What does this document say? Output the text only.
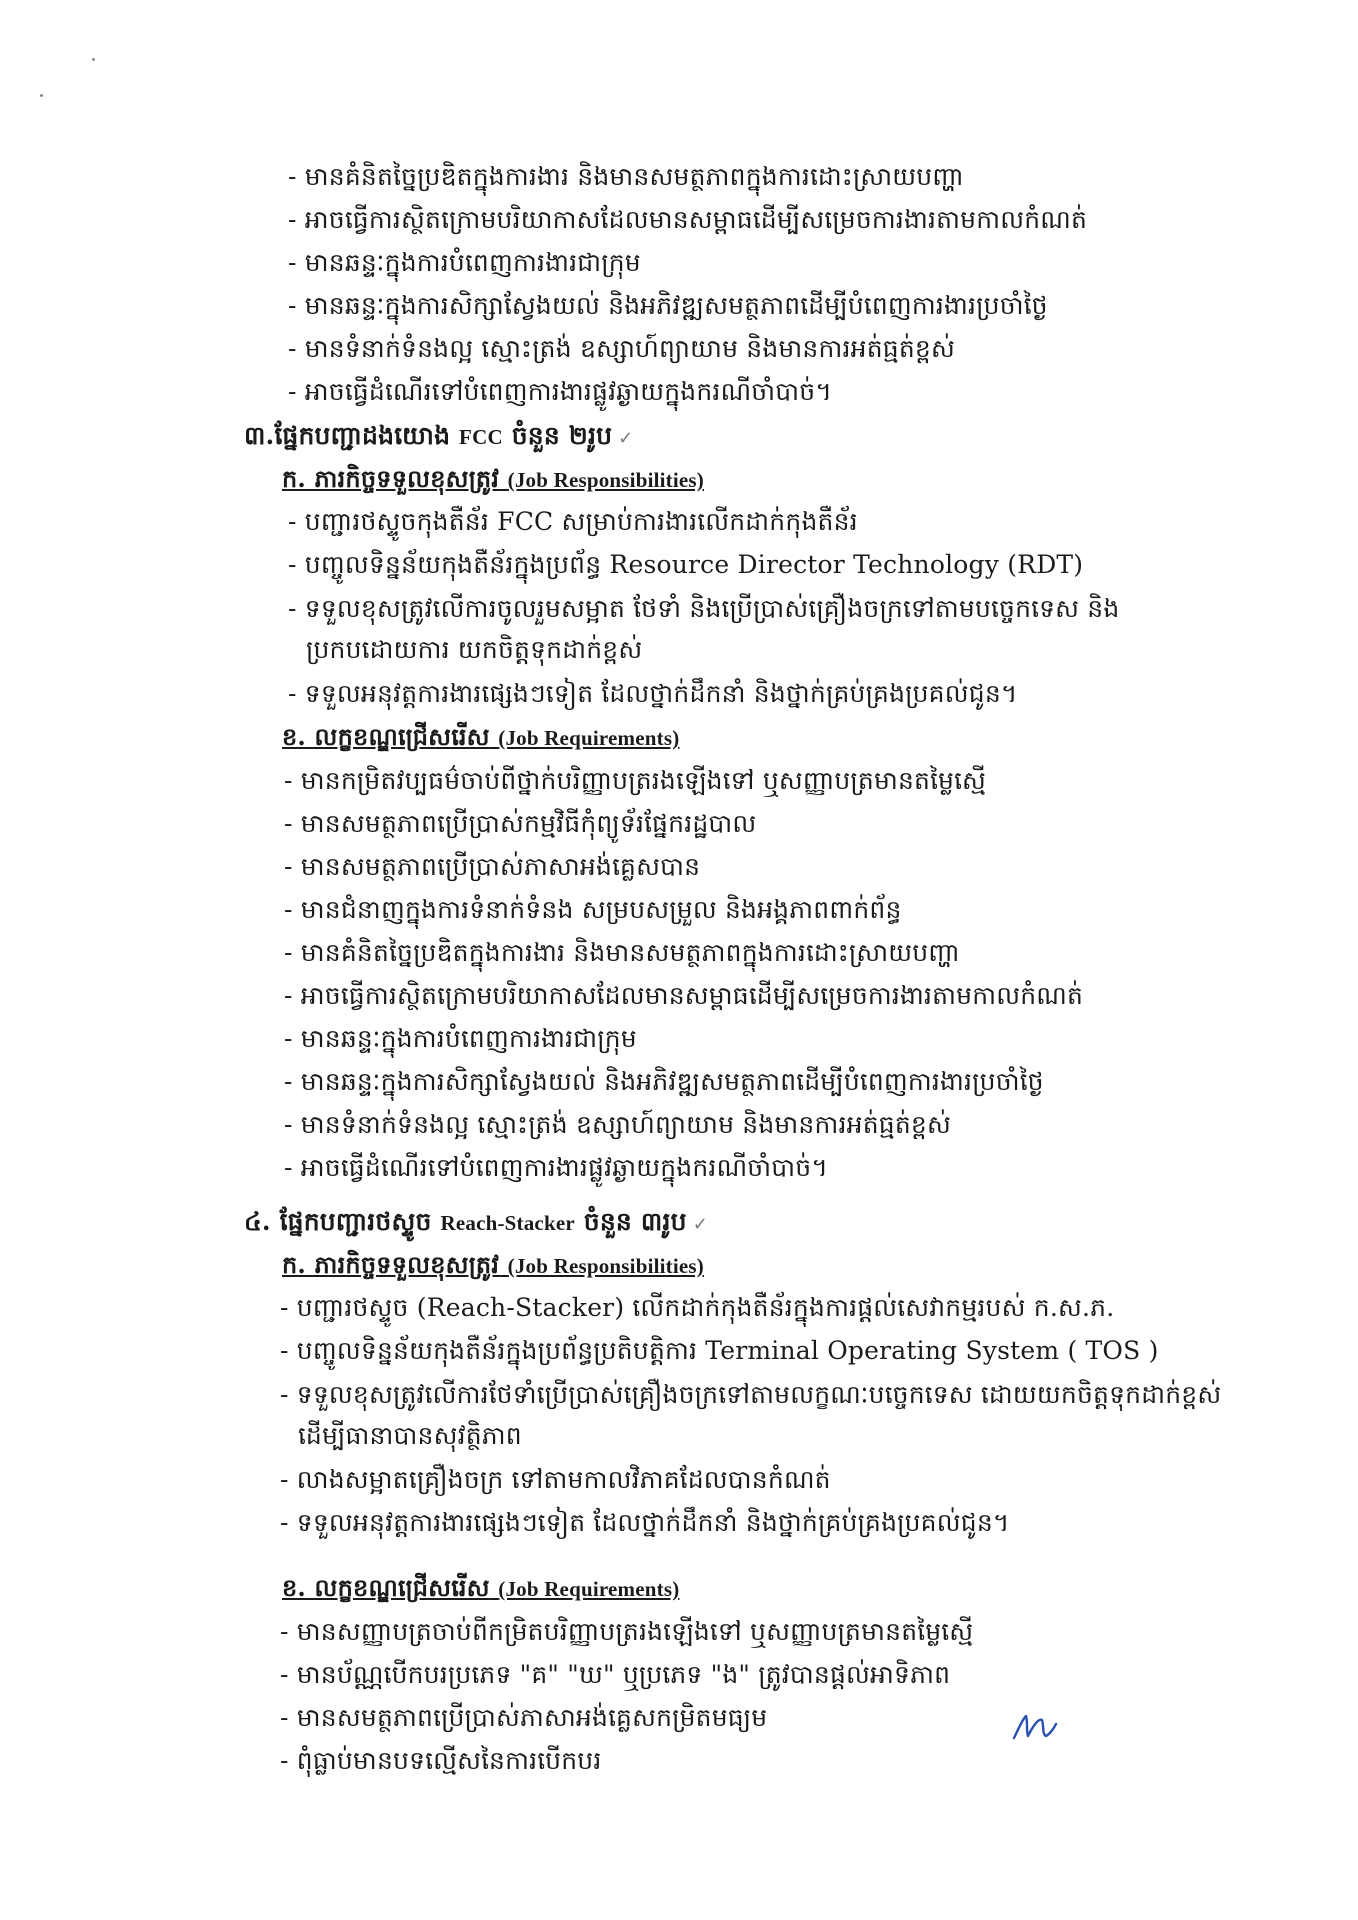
- មានគំនិតច្នៃប្រឌិតក្នុងការងារ និងមានសមត្ថភាពក្នុងការដោះស្រាយបញ្ហា
- អាចធ្វើការស្ថិតក្រោមបរិយាកាសដែលមានសម្ពាធដើម្បីសម្រេចការងារតាមកាលកំណត់
- មានឆន្ទៈក្នុងការបំពេញការងារជាក្រុម
- មានឆន្ទៈក្នុងការសិក្សាស្វែងយល់ និងអភិវឌ្ឍសមត្ថភាពដើម្បីបំពេញការងារប្រចាំថ្ងៃ
- មានទំនាក់ទំនងល្អ ស្មោះត្រង់ ឧស្សាហ៍ព្យាយាម និងមានការអត់ធ្មត់ខ្ពស់
- អាចធ្វើដំណើរទៅបំពេញការងារផ្លូវឆ្ងាយក្នុងករណីចាំបាច់។
៣.ផ្នែកបញ្ជាដងយោង FCC ចំនួន ២រូប ✓
ក. ភារកិច្ចទទួលខុសត្រូវ (Job Responsibilities)
- បញ្ជារថស្ទូចកុងតឺន័រ FCC សម្រាប់ការងារលើកដាក់កុងតឺន័រ
- បញ្ចូលទិន្នន័យកុងតឺន័រក្នុងប្រព័ន្ធ Resource Director Technology (RDT)
- ទទួលខុសត្រូវលើការចូលរួមសម្អាត ថែទាំ និងប្រើប្រាស់គ្រឿងចក្រទៅតាមបច្ចេកទេស និង
ប្រកបដោយការ យកចិត្តទុកដាក់ខ្ពស់
- ទទួលអនុវត្តការងារផ្សេងៗទៀត ដែលថ្នាក់ដឹកនាំ និងថ្នាក់គ្រប់គ្រងប្រគល់ជូន។
ខ. លក្ខខណ្ឌជ្រើសរើស (Job Requirements)
- មានកម្រិតវប្បធម៌ចាប់ពីថ្នាក់បរិញ្ញាបត្ររងឡើងទៅ ឬសញ្ញាបត្រមានតម្លៃស្មើ
- មានសមត្ថភាពប្រើប្រាស់កម្មវិធីកុំព្យូទ័រផ្នែករដ្ឋបាល
- មានសមត្ថភាពប្រើប្រាស់ភាសាអង់គ្លេសបាន
- មានជំនាញក្នុងការទំនាក់ទំនង សម្របសម្រួល និងអង្គភាពពាក់ព័ន្ធ
- មានគំនិតច្នៃប្រឌិតក្នុងការងារ និងមានសមត្ថភាពក្នុងការដោះស្រាយបញ្ហា
- អាចធ្វើការស្ថិតក្រោមបរិយាកាសដែលមានសម្ពាធដើម្បីសម្រេចការងារតាមកាលកំណត់
- មានឆន្ទៈក្នុងការបំពេញការងារជាក្រុម
- មានឆន្ទៈក្នុងការសិក្សាស្វែងយល់ និងអភិវឌ្ឍសមត្ថភាពដើម្បីបំពេញការងារប្រចាំថ្ងៃ
- មានទំនាក់ទំនងល្អ ស្មោះត្រង់ ឧស្សាហ៍ព្យាយាម និងមានការអត់ធ្មត់ខ្ពស់
- អាចធ្វើដំណើរទៅបំពេញការងារផ្លូវឆ្ងាយក្នុងករណីចាំបាច់។
៤. ផ្នែកបញ្ជារថស្ទូច Reach-Stacker ចំនួន ៣រូប ✓
ក. ភារកិច្ចទទួលខុសត្រូវ (Job Responsibilities)
- បញ្ជារថស្ទូច (Reach-Stacker) លើកដាក់កុងតឺន័រក្នុងការផ្តល់សេវាកម្មរបស់ ក.ស.ភ.
- បញ្ចូលទិន្នន័យកុងតឺន័រក្នុងប្រព័ន្ធប្រតិបត្តិការ Terminal Operating System ( TOS )
- ទទួលខុសត្រូវលើការថែទាំប្រើប្រាស់គ្រឿងចក្រទៅតាមលក្ខណៈបច្ចេកទេស ដោយយកចិត្តទុកដាក់ខ្ពស់
ដើម្បីធានាបានសុវត្ថិភាព
- លាងសម្អាតគ្រឿងចក្រ ទៅតាមកាលវិភាគដែលបានកំណត់
- ទទួលអនុវត្តការងារផ្សេងៗទៀត ដែលថ្នាក់ដឹកនាំ និងថ្នាក់គ្រប់គ្រងប្រគល់ជូន។
ខ. លក្ខខណ្ឌជ្រើសរើស (Job Requirements)
- មានសញ្ញាបត្រចាប់ពីកម្រិតបរិញ្ញាបត្ររងឡើងទៅ ឬសញ្ញាបត្រមានតម្លៃស្មើ
- មានប័ណ្ណបើកបរប្រភេទ "គ" "ឃ" ឬប្រភេទ "ង" ត្រូវបានផ្តល់អាទិភាព
- មានសមត្ថភាពប្រើប្រាស់ភាសាអង់គ្លេសកម្រិតមធ្យម
- ពុំធ្លាប់មានបទល្មើសនៃការបើកបរ
